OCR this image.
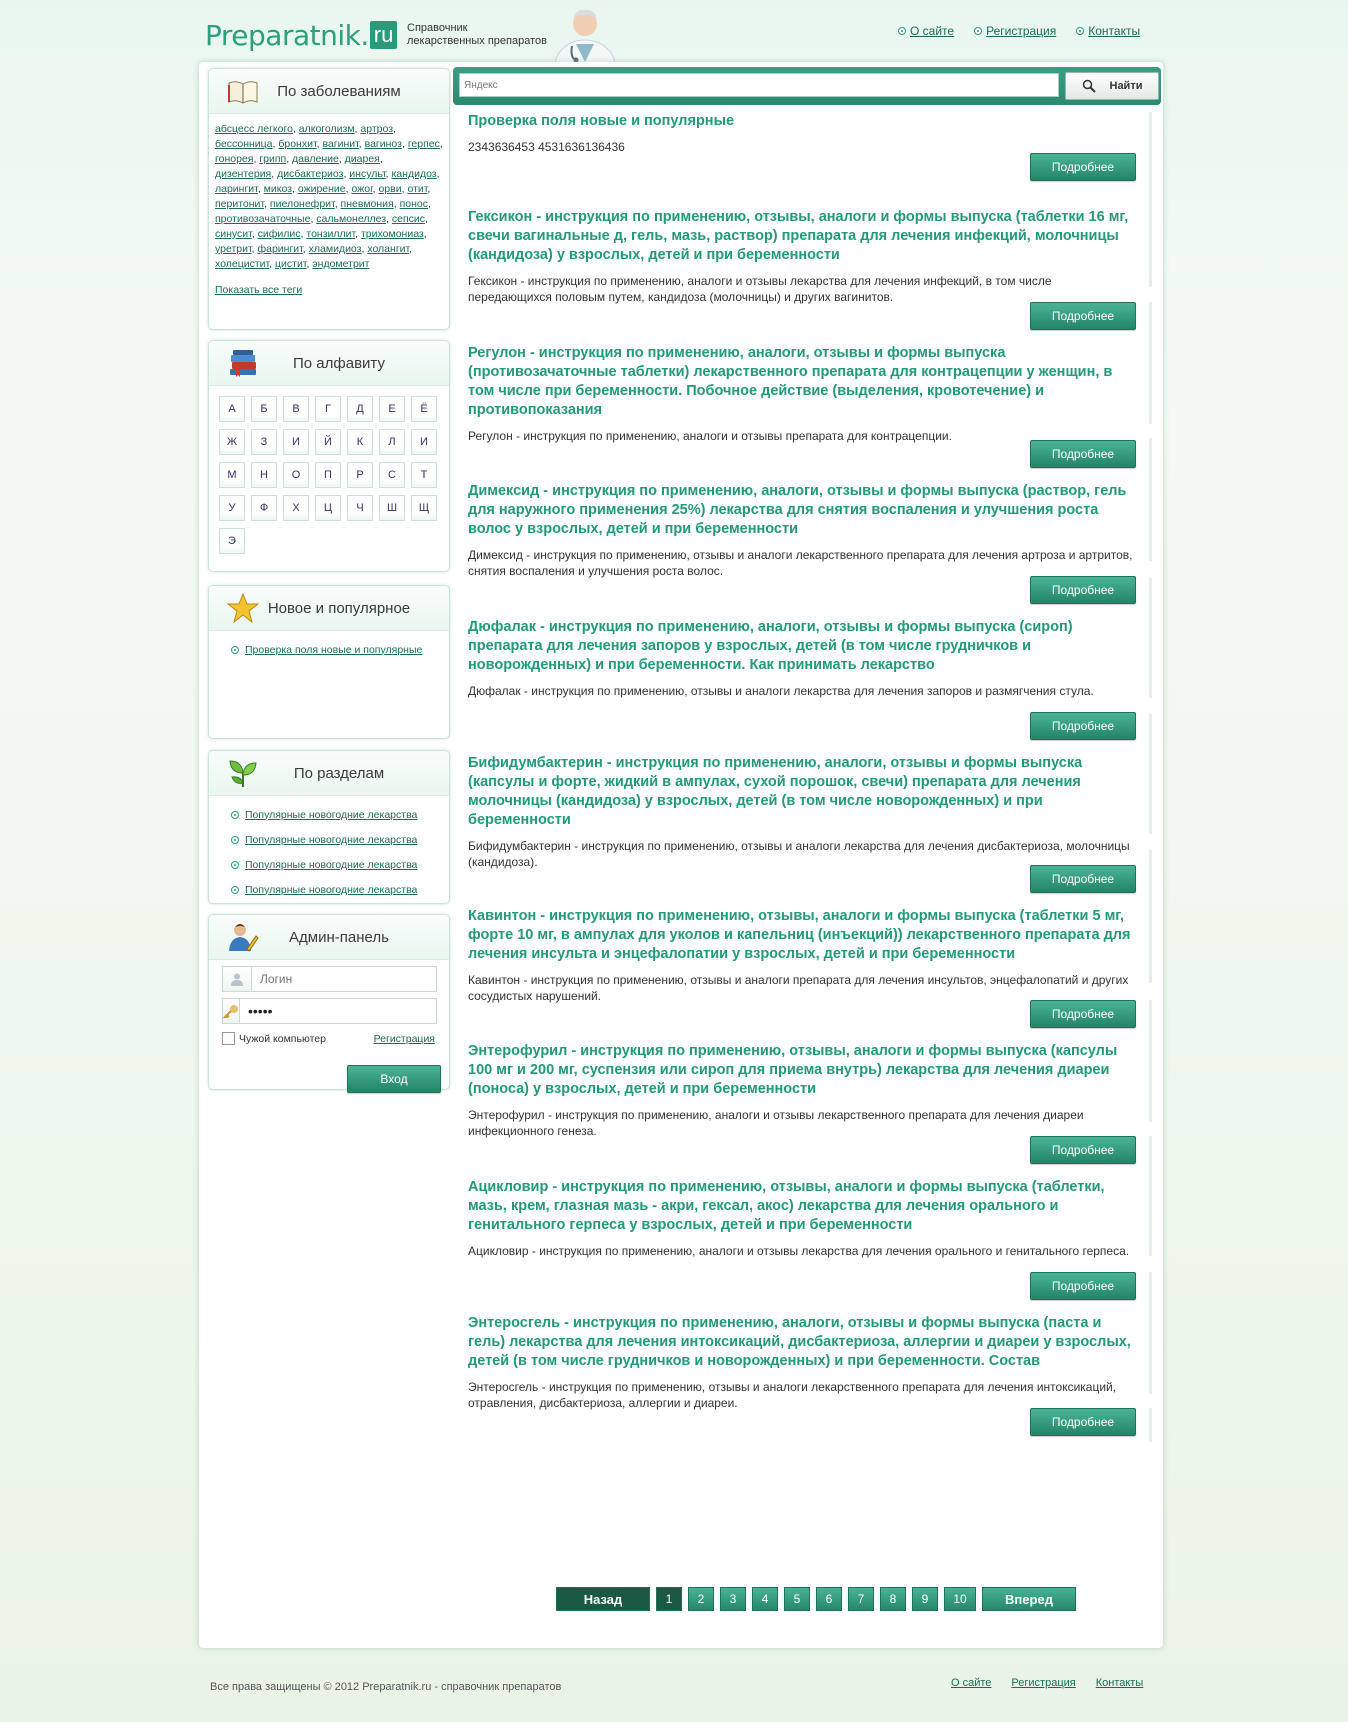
Preparatnik. ru	Справочник
лекарственных препаратов
О сайте	Регистрация	Контакты
По заболеваниям
абсцесс легкого, алкоголизм, артроз, бессонница, бронхит, вагинит, вагиноз, герпес, гонорея, грипп, давление, диарея, дизентерия, дисбактериоз, инсульт, кандидоз, ларингит, микоз, ожирение, ожог, орви, отит, перитонит, пиелонефрит, пневмония, понос, противозачаточные, сальмонеллез, сепсис, синусит, сифилис, тонзиллит, трихомониаз, уретрит, фарингит, хламидиоз, холангит, холецистит, цистит, эндометрит
Показать все теги
По алфавиту
А	Б	В	Г	Д	Е	Ё
Ж	З	И	Й	К	Л	И
М	Н	О	П	Р	С	Т
У	Ф	Х	Ц	Ч	Ш	Щ
Э
Новое и популярное
Проверка поля новые и популярные
По разделам
Популярные новогодние лекарства
Популярные новогодние лекарства
Популярные новогодние лекарства
Популярные новогодние лекарства
Админ-панель
Логин
•••••
Чужой компьютер	Регистрация
Вход
Яндекс
Найти
Проверка поля новые и популярные
2343636453 4531636136436
Подробнее
Гексикон - инструкция по применению, отзывы, аналоги и формы выпуска (таблетки 16 мг, свечи вагинальные д, гель, мазь, раствор) препарата для лечения инфекций, молочницы (кандидоза) у взрослых, детей и при беременности
Гексикон - инструкция по применению, аналоги и отзывы лекарства для лечения инфекций, в том числе передающихся половым путем, кандидоза (молочницы) и других вагинитов.
Подробнее
Регулон - инструкция по применению, аналоги, отзывы и формы выпуска (противозачаточные таблетки) лекарственного препарата для контрацепции у женщин, в том числе при беременности. Побочное действие (выделения, кровотечение) и противопоказания
Регулон - инструкция по применению, аналоги и отзывы препарата для контрацепции.
Подробнее
Димексид - инструкция по применению, аналоги, отзывы и формы выпуска (раствор, гель для наружного применения 25%) лекарства для снятия воспаления и улучшения роста волос у взрослых, детей и при беременности
Димексид - инструкция по применению, отзывы и аналоги лекарственного препарата для лечения артроза и артритов, снятия воспаления и улучшения роста волос.
Подробнее
Дюфалак - инструкция по применению, аналоги, отзывы и формы выпуска (сироп) препарата для лечения запоров у взрослых, детей (в том числе грудничков и новорожденных) и при беременности. Как принимать лекарство
Дюфалак - инструкция по применению, отзывы и аналоги лекарства для лечения запоров и размягчения стула.
Подробнее
Бифидумбактерин - инструкция по применению, аналоги, отзывы и формы выпуска (капсулы и форте, жидкий в ампулах, сухой порошок, свечи) препарата для лечения молочницы (кандидоза) у взрослых, детей (в том числе новорожденных) и при беременности
Бифидумбактерин - инструкция по применению, отзывы и аналоги лекарства для лечения дисбактериоза, молочницы (кандидоза).
Подробнее
Кавинтон - инструкция по применению, отзывы, аналоги и формы выпуска (таблетки 5 мг, форте 10 мг, в ампулах для уколов и капельниц (инъекций)) лекарственного препарата для лечения инсульта и энцефалопатии у взрослых, детей и при беременности
Кавинтон - инструкция по применению, отзывы и аналоги препарата для лечения инсультов, энцефалопатий и других сосудистых нарушений.
Подробнее
Энтерофурил - инструкция по применению, отзывы, аналоги и формы выпуска (капсулы 100 мг и 200 мг, суспензия или сироп для приема внутрь) лекарства для лечения диареи (поноса) у взрослых, детей и при беременности
Энтерофурил - инструкция по применению, аналоги и отзывы лекарственного препарата для лечения диареи инфекционного генеза.
Подробнее
Ацикловир - инструкция по применению, отзывы, аналоги и формы выпуска (таблетки, мазь, крем, глазная мазь - акри, гексал, акос) лекарства для лечения орального и генитального герпеса у взрослых, детей и при беременности
Ацикловир - инструкция по применению, аналоги и отзывы лекарства для лечения орального и генитального герпеса.
Подробнее
Энтеросгель - инструкция по применению, аналоги, отзывы и формы выпуска (паста и гель) лекарства для лечения интоксикаций, дисбактериоза, аллергии и диареи у взрослых, детей (в том числе грудничков и новорожденных) и при беременности. Состав
Энтеросгель - инструкция по применению, отзывы и аналоги лекарственного препарата для лечения интоксикаций, отравления, дисбактериоза, аллергии и диареи.
Подробнее
Назад	1	2	3	4	5	6	7	8	9	10	Вперед
Все права защищены © 2012 Preparatnik.ru - справочник препаратов	О сайте Регистрация Контакты
